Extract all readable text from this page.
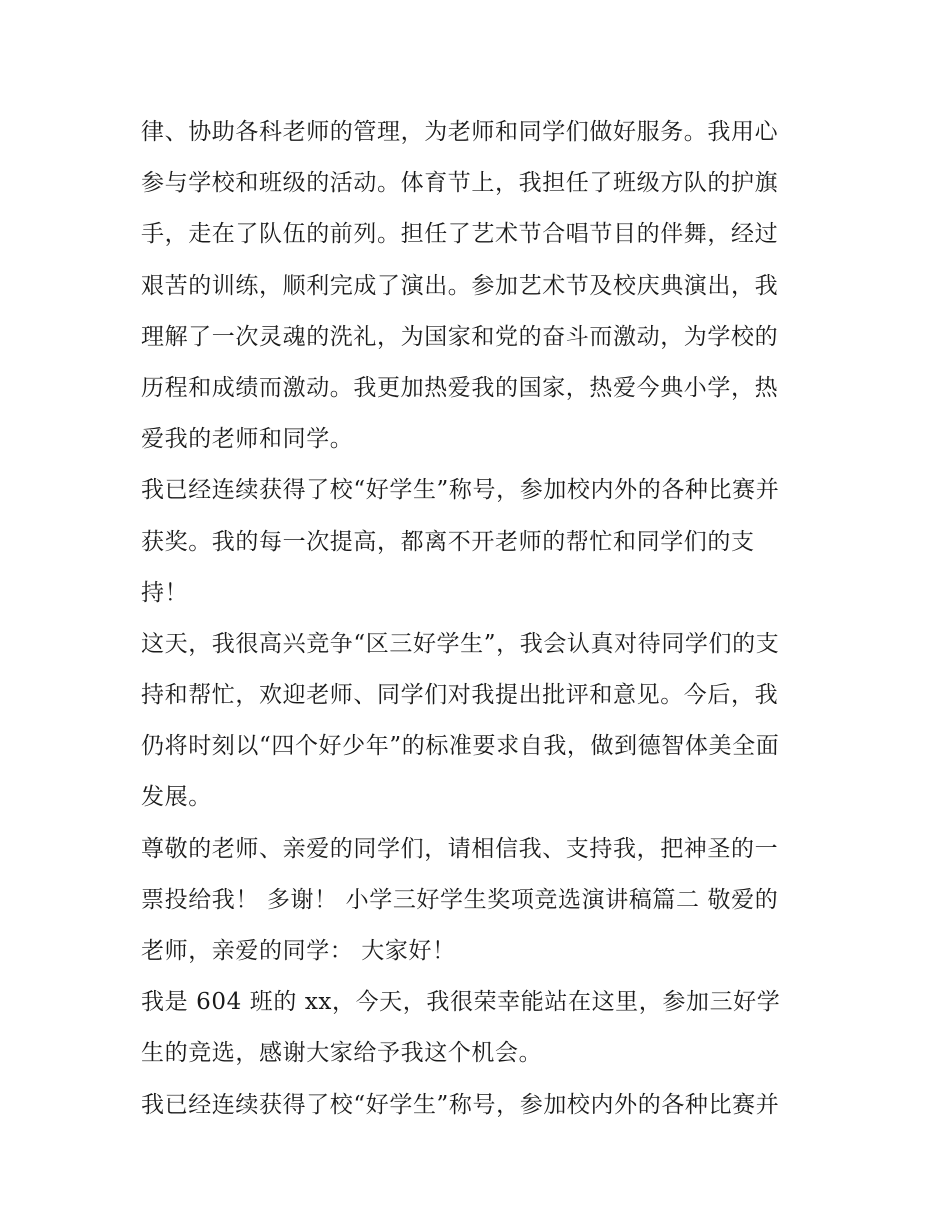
律、协助各科老师的管理，为老师和同学们做好服务。我用心
参与学校和班级的活动。体育节上，我担任了班级方队的护旗
手，走在了队伍的前列。担任了艺术节合唱节目的伴舞，经过
艰苦的训练，顺利完成了演出。参加艺术节及校庆典演出，我
理解了一次灵魂的洗礼，为国家和党的奋斗而激动，为学校的
历程和成绩而激动。我更加热爱我的国家，热爱今典小学，热
爱我的老师和同学。
我已经连续获得了校“好学生”称号，参加校内外的各种比赛并
获奖。我的每一次提高，都离不开老师的帮忙和同学们的支
持！
这天，我很高兴竞争“区三好学生”，我会认真对待同学们的支
持和帮忙，欢迎老师、同学们对我提出批评和意见。今后，我
仍将时刻以“四个好少年”的标准要求自我，做到德智体美全面
发展。
尊敬的老师、亲爱的同学们，请相信我、支持我，把神圣的一
票投给我！ 多谢！ 小学三好学生奖项竞选演讲稿篇二 敬爱的
老师，亲爱的同学： 大家好！
我是 604 班的 xx，今天，我很荣幸能站在这里，参加三好学
生的竞选，感谢大家给予我这个机会。
我已经连续获得了校“好学生”称号，参加校内外的各种比赛并
